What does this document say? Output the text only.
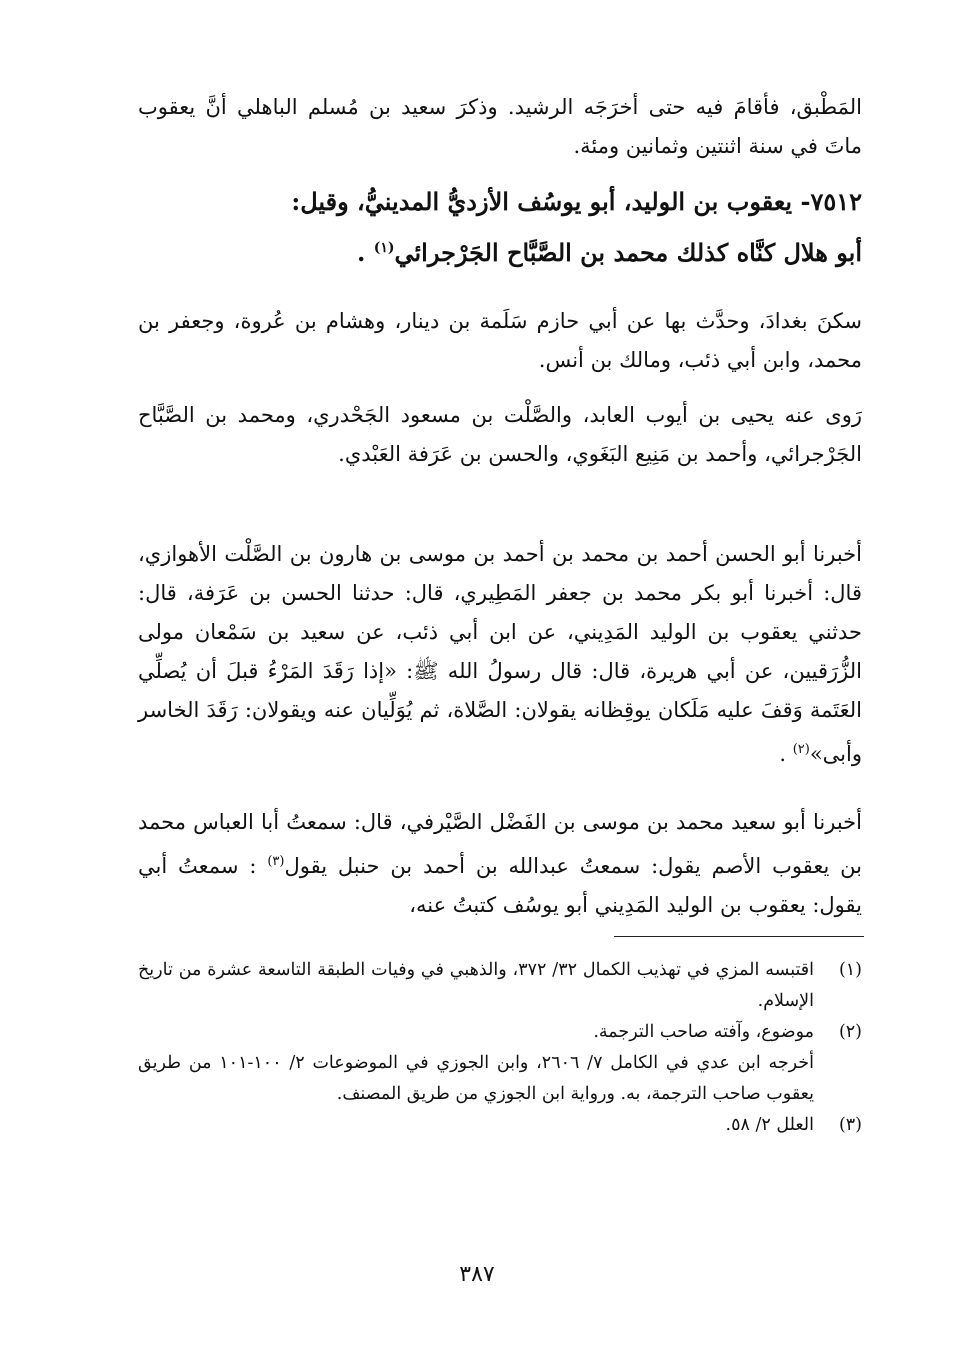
المَطْبق، فأقامَ فيه حتى أخرَجَه الرشيد. وذكرَ سعيد بن مُسلم الباهلي أنَّ يعقوب ماتَ في سنة اثنتين وثمانين ومئة.

٧٥١٢- يعقوب بن الوليد، أبو يوسُف الأزديُّ المدينيُّ، وقيل:
أبو هلال كنَّاه كذلك محمد بن الصَّبَّاح الجَرْجرائي$^{(١)}$ .

سكنَ بغدادَ، وحدَّث بها عن أبي حازم سَلَمة بن دينار، وهشام بن عُروة، وجعفر بن محمد، وابن أبي ذئب، ومالك بن أنس.

رَوى عنه يحيى بن أيوب العابد، والصَّلْت بن مسعود الجَحْدري، ومحمد بن الصَّبَّاح الجَرْجرائي، وأحمد بن مَنِيع البَغَوي، والحسن بن عَرَفة العَبْدي.

أخبرنا أبو الحسن أحمد بن محمد بن أحمد بن موسى بن هارون بن الصَّلْت الأهوازي، قال: أخبرنا أبو بكر محمد بن جعفر المَطِيري، قال: حدثنا الحسن بن عَرَفة، قال: حدثني يعقوب بن الوليد المَدِيني، عن ابن أبي ذئب، عن سعيد بن سَمْعان مولى الزُّرَقيين، عن أبي هريرة، قال: قال رسولُ الله ﷺ: «إذا رَقَدَ المَرْءُ قبلَ أن يُصلِّي العَتَمة وَقفَ عليه مَلَكان يوقِظانه يقولان: الصَّلاة، ثم يُوَلِّيان عنه ويقولان: رَقَدَ الخاسر وأبى»$^{(٢)}$ .

أخبرنا أبو سعيد محمد بن موسى بن الفَضْل الصَّيْرفي، قال: سمعتُ أبا العباس محمد بن يعقوب الأصم يقول: سمعتُ عبدالله بن أحمد بن حنبل يقول$^{(٣)}$ : سمعتُ أبي يقول: يعقوب بن الوليد المَدِيني أبو يوسُف كتبتُ عنه،

(١)
اقتبسه المزي في تهذيب الكمال ٣٢/ ٣٧٢، والذهبي في وفيات الطبقة التاسعة عشرة من تاريخ الإسلام.
(٢)
موضوع، وآفته صاحب الترجمة.
أخرجه ابن عدي في الكامل ٧/ ٢٦٠٦، وابن الجوزي في الموضوعات ٢/ ١٠٠-١٠١ من طريق يعقوب صاحب الترجمة، به. ورواية ابن الجوزي من طريق المصنف.
(٣)
العلل ٢/ ٥٨.
٣٨٧
